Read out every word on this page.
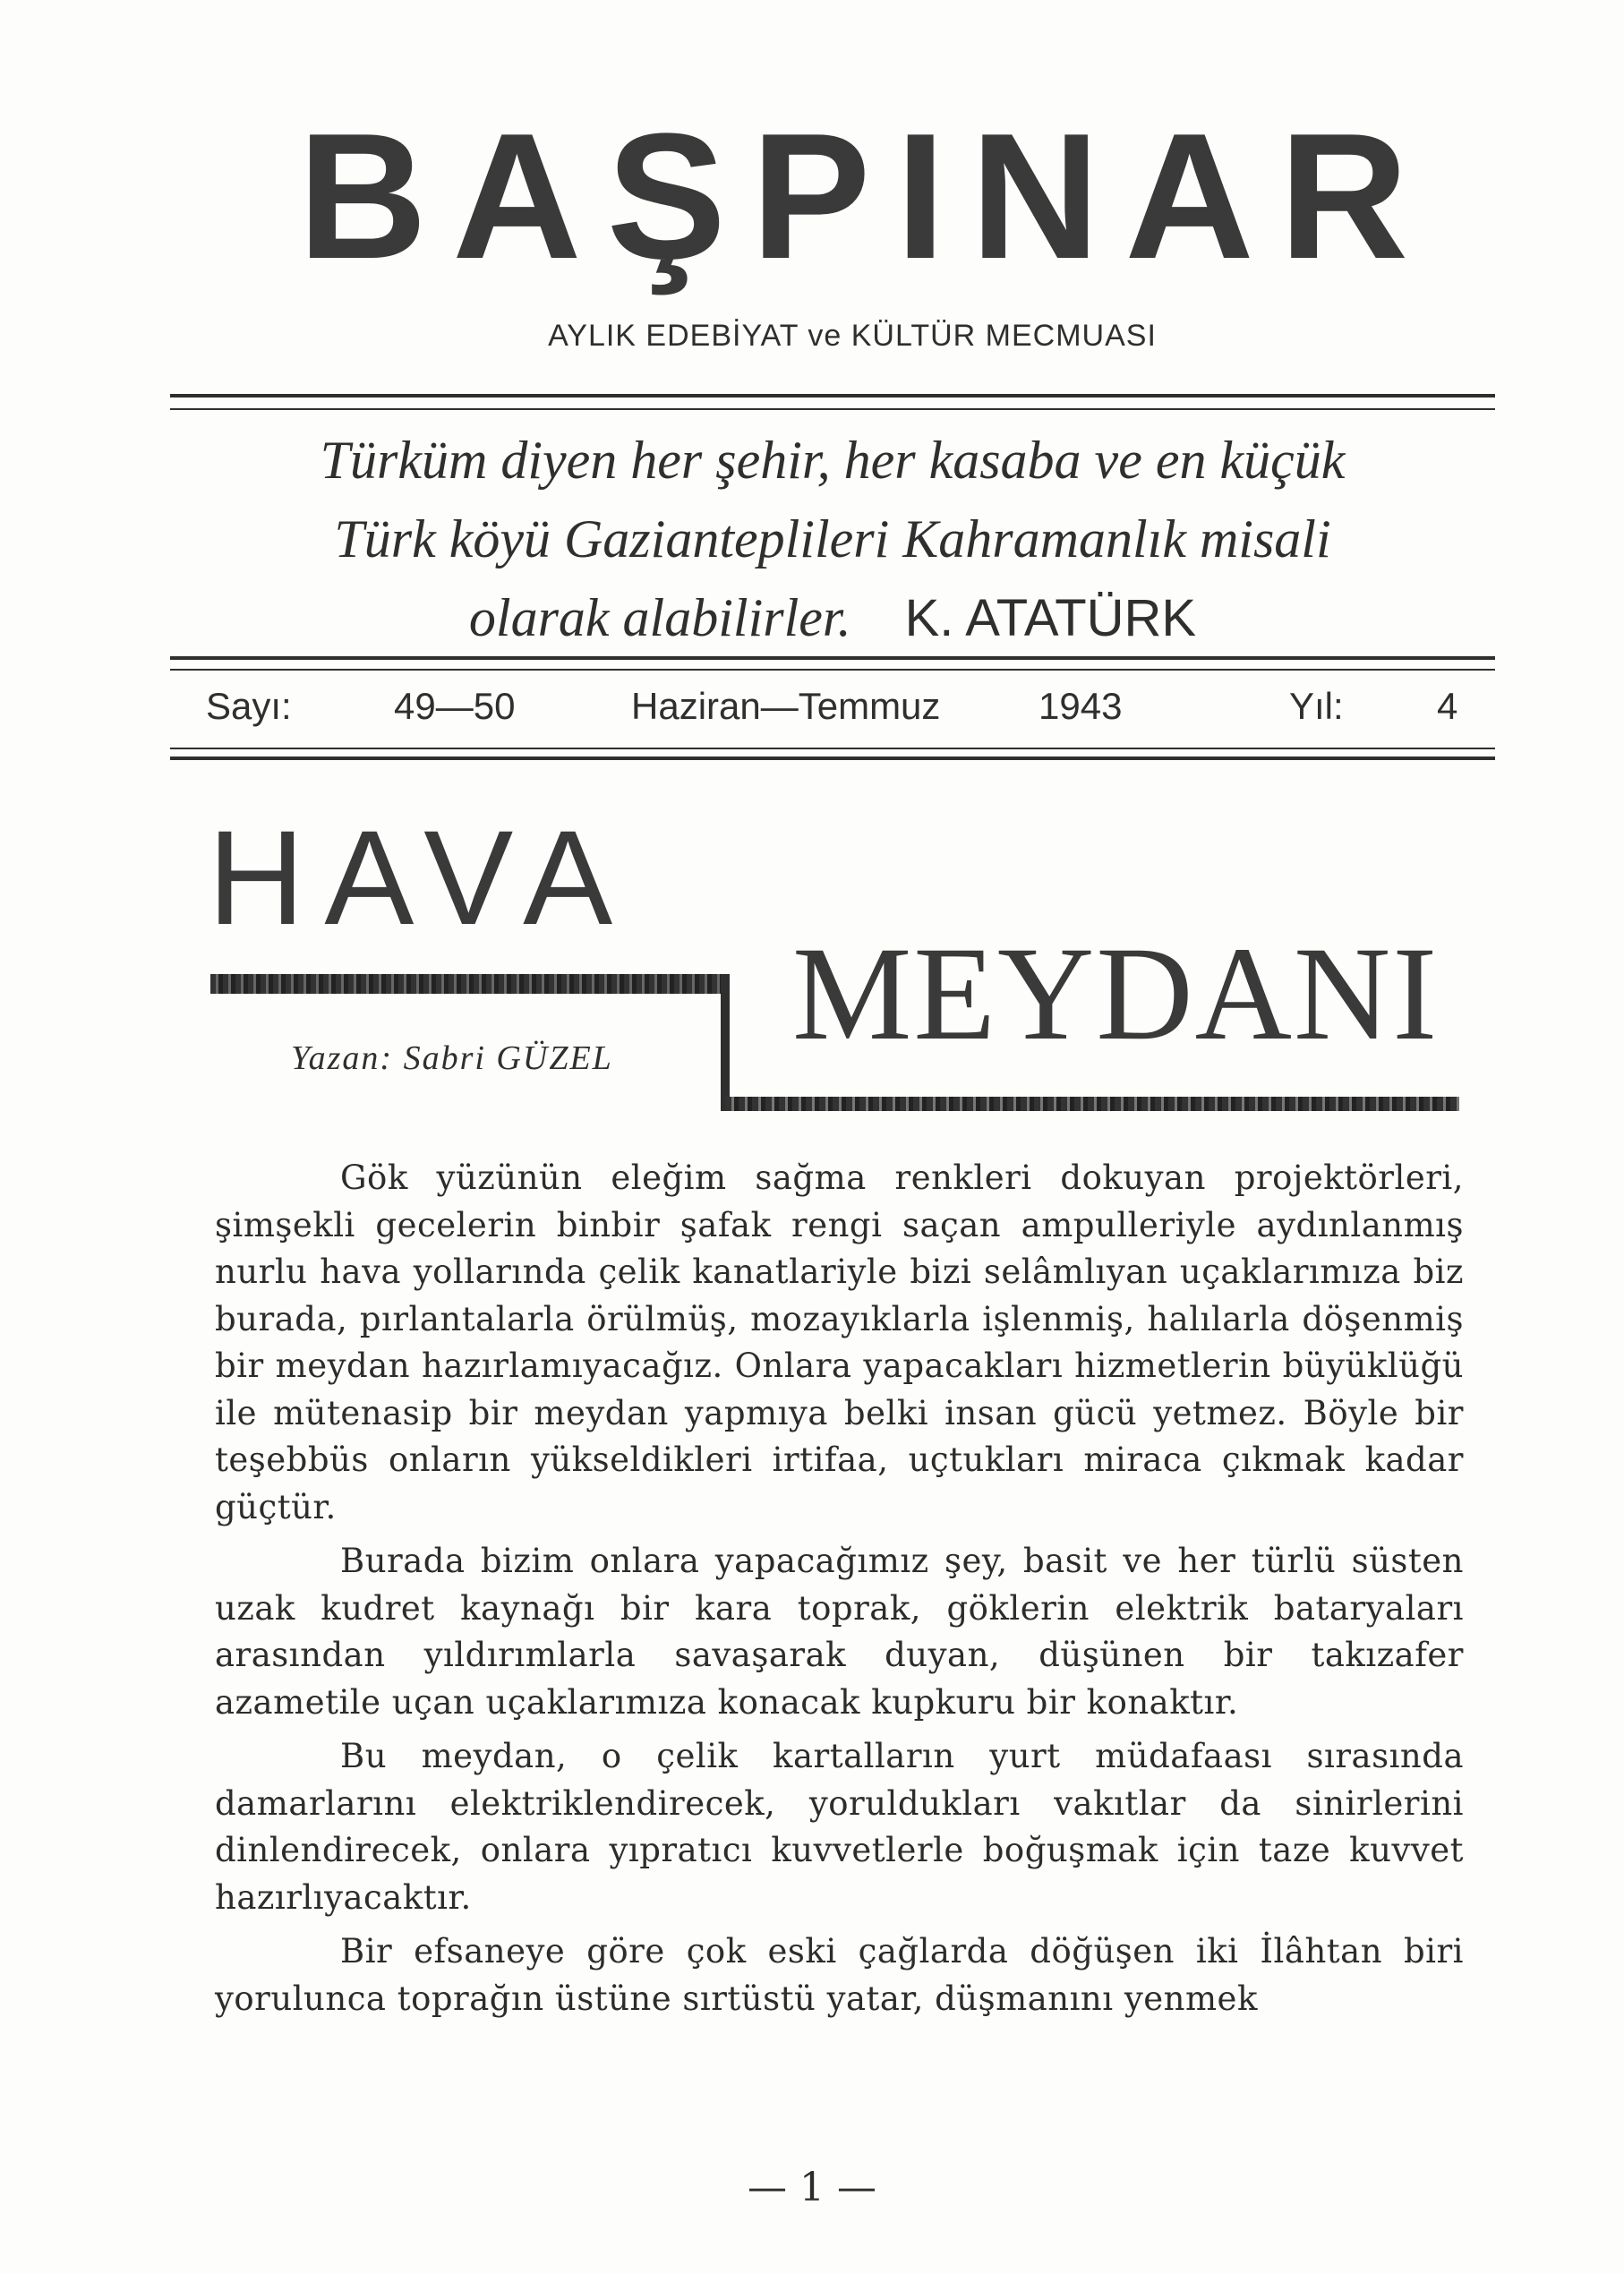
BAŞPINAR
AYLIK EDEBİYAT ve KÜLTÜR MECMUASI
Türküm diyen her şehir, her kasaba ve en küçük
Türk köyü Gaziantеplileri Kahramanlık misali
olarak alabilirler. K. ATATÜRK
Sayı:	49—50	Haziran—Temmuz	1943	Yıl: 4
HAVA
MEYDANI
Yazan: Sabri GÜZEL

Gök yüzünün eleğim sağma renkleri dokuyan projektörleri, şimşekli gecelerin binbir şafak rengi saçan ampulleriyle aydınlanmış nurlu hava yollarında çelik kanatlariyle bizi selâmlıyan uçaklarımıza biz burada, pırlantalarla örülmüş, mozayıklarla işlenmiş, halılarla döşenmiş bir meydan hazırlamıyacağız. Onlara yapacakları hizmetlerin büyüklüğü ile mütenasip bir meydan yapmıya belki insan gücü yetmez. Böyle bir teşebbüs onların yükseldikleri irtifaa, uçtukları miraca çıkmak kadar güçtür.

Burada bizim onlara yapacağımız şey, basit ve her türlü süsten uzak kudret kaynağı bir kara toprak, göklerin elektrik bataryaları arasından yıldırımlarla savaşarak duyan, düşünen bir takızafer azametile uçan uçaklarımıza konacak kupkuru bir konaktır.

Bu meydan, o çelik kartalların yurt müdafaası sırasında damarlarını elektriklendirecek, yoruldukları vakıtlar da sinirlerini dinlendirecek, onlara yıpratıcı kuvvetlerle boğuşmak için taze kuvvet hazırlıyacaktır.

Bir efsaneye göre çok eski çağlarda döğüşen iki İlâhtan biri yorulunca toprağın üstüne sırtüstü yatar, düşmanını yenmek

— 1 —
